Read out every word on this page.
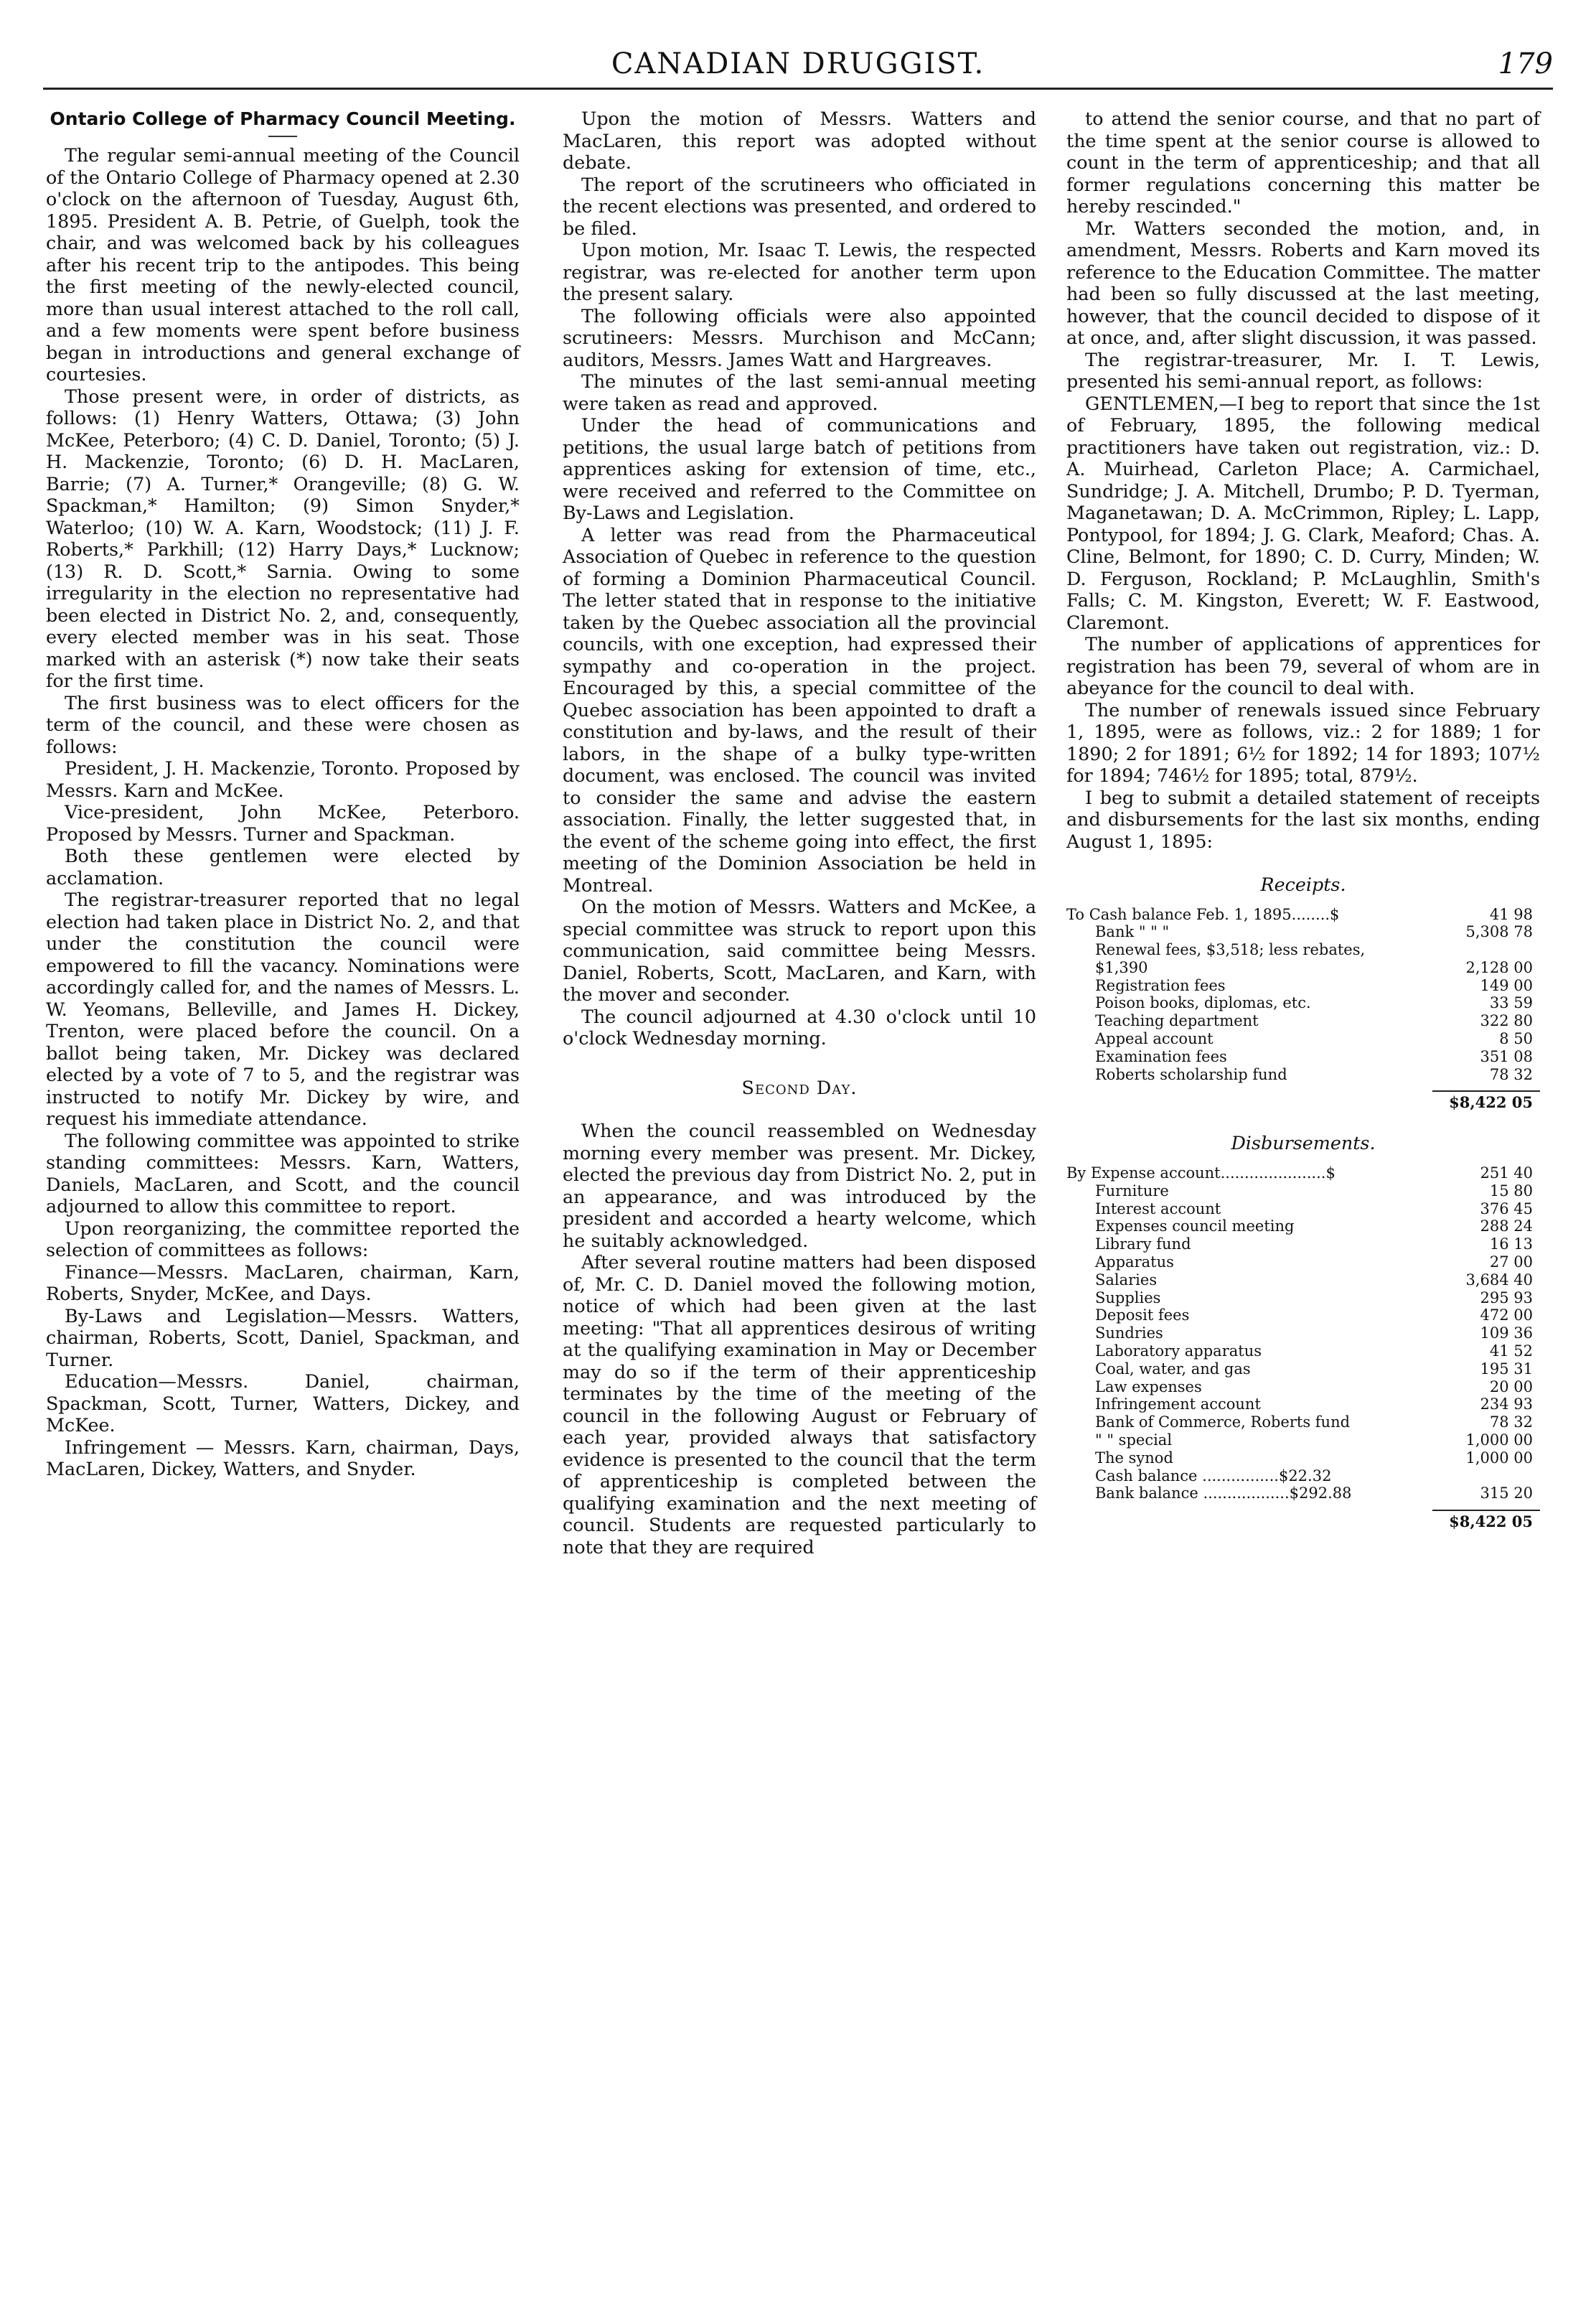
CANADIAN DRUGGIST.	179
Ontario College of Pharmacy Council Meeting.

The regular semi-annual meeting of the Council of the Ontario College of Pharmacy opened at 2.30 o'clock on the afternoon of Tuesday, August 6th, 1895. President A. B. Petrie, of Guelph, took the chair, and was welcomed back by his colleagues after his recent trip to the antipodes. This being the first meeting of the newly-elected council, more than usual interest attached to the roll call, and a few moments were spent before business began in introductions and general exchange of courtesies.

Those present were, in order of districts, as follows: (1) Henry Watters, Ottawa; (3) John McKee, Peterboro; (4) C. D. Daniel, Toronto; (5) J. H. Mackenzie, Toronto; (6) D. H. MacLaren, Barrie; (7) A. Turner,* Orangeville; (8) G. W. Spackman,* Hamilton; (9) Simon Snyder,* Waterloo; (10) W. A. Karn, Woodstock; (11) J. F. Roberts,* Parkhill; (12) Harry Days,* Lucknow; (13) R. D. Scott,* Sarnia. Owing to some irregularity in the election no representative had been elected in District No. 2, and, consequently, every elected member was in his seat. Those marked with an asterisk (*) now take their seats for the first time.

The first business was to elect officers for the term of the council, and these were chosen as follows:

President, J. H. Mackenzie, Toronto. Proposed by Messrs. Karn and McKee.

Vice-president, John McKee, Peterboro. Proposed by Messrs. Turner and Spackman.

Both these gentlemen were elected by acclamation.

The registrar-treasurer reported that no legal election had taken place in District No. 2, and that under the constitution the council were empowered to fill the vacancy. Nominations were accordingly called for, and the names of Messrs. L. W. Yeomans, Belleville, and James H. Dickey, Trenton, were placed before the council. On a ballot being taken, Mr. Dickey was declared elected by a vote of 7 to 5, and the registrar was instructed to notify Mr. Dickey by wire, and request his immediate attendance.

The following committee was appointed to strike standing committees: Messrs. Karn, Watters, Daniels, MacLaren, and Scott, and the council adjourned to allow this committee to report.

Upon reorganizing, the committee reported the selection of committees as follows:

Finance—Messrs. MacLaren, chairman, Karn, Roberts, Snyder, McKee, and Days.

By-Laws and Legislation—Messrs. Watters, chairman, Roberts, Scott, Daniel, Spackman, and Turner.

Education—Messrs. Daniel, chairman, Spackman, Scott, Turner, Watters, Dickey, and McKee.

Infringement — Messrs. Karn, chairman, Days, MacLaren, Dickey, Watters, and Snyder.

Upon the motion of Messrs. Watters and MacLaren, this report was adopted without debate.

The report of the scrutineers who officiated in the recent elections was presented, and ordered to be filed.

Upon motion, Mr. Isaac T. Lewis, the respected registrar, was re-elected for another term upon the present salary.

The following officials were also appointed scrutineers: Messrs. Murchison and McCann; auditors, Messrs. James Watt and Hargreaves.

The minutes of the last semi-annual meeting were taken as read and approved.

Under the head of communications and petitions, the usual large batch of petitions from apprentices asking for extension of time, etc., were received and referred to the Committee on By-Laws and Legislation.

A letter was read from the Pharmaceutical Association of Quebec in reference to the question of forming a Dominion Pharmaceutical Council. The letter stated that in response to the initiative taken by the Quebec association all the provincial councils, with one exception, had expressed their sympathy and co-operation in the project. Encouraged by this, a special committee of the Quebec association has been appointed to draft a constitution and by-laws, and the result of their labors, in the shape of a bulky type-written document, was enclosed. The council was invited to consider the same and advise the eastern association. Finally, the letter suggested that, in the event of the scheme going into effect, the first meeting of the Dominion Association be held in Montreal.

On the motion of Messrs. Watters and McKee, a special committee was struck to report upon this communication, said committee being Messrs. Daniel, Roberts, Scott, MacLaren, and Karn, with the mover and seconder.

The council adjourned at 4.30 o'clock until 10 o'clock Wednesday morning.

Second Day.

When the council reassembled on Wednesday morning every member was present. Mr. Dickey, elected the previous day from District No. 2, put in an appearance, and was introduced by the president and accorded a hearty welcome, which he suitably acknowledged.

After several routine matters had been disposed of, Mr. C. D. Daniel moved the following motion, notice of which had been given at the last meeting: "That all apprentices desirous of writing at the qualifying examination in May or December may do so if the term of their apprenticeship terminates by the time of the meeting of the council in the following August or February of each year, provided always that satisfactory evidence is presented to the council that the term of apprenticeship is completed between the qualifying examination and the next meeting of council. Students are requested particularly to note that they are required

to attend the senior course, and that no part of the time spent at the senior course is allowed to count in the term of apprenticeship; and that all former regulations concerning this matter be hereby rescinded."

Mr. Watters seconded the motion, and, in amendment, Messrs. Roberts and Karn moved its reference to the Education Committee. The matter had been so fully discussed at the last meeting, however, that the council decided to dispose of it at once, and, after slight discussion, it was passed.

The registrar-treasurer, Mr. I. T. Lewis, presented his semi-annual report, as follows:

GENTLEMEN,—I beg to report that since the 1st of February, 1895, the following medical practitioners have taken out registration, viz.: D. A. Muirhead, Carleton Place; A. Carmichael, Sundridge; J. A. Mitchell, Drumbo; P. D. Tyerman, Maganetawan; D. A. McCrimmon, Ripley; L. Lapp, Pontypool, for 1894; J. G. Clark, Meaford; Chas. A. Cline, Belmont, for 1890; C. D. Curry, Minden; W. D. Ferguson, Rockland; P. McLaughlin, Smith's Falls; C. M. Kingston, Everett; W. F. Eastwood, Claremont.

The number of applications of apprentices for registration has been 79, several of whom are in abeyance for the council to deal with.

The number of renewals issued since February 1, 1895, were as follows, viz.: 2 for 1889; 1 for 1890; 2 for 1891; 6½ for 1892; 14 for 1893; 107½ for 1894; 746½ for 1895; total, 879½.

I beg to submit a detailed statement of receipts and disbursements for the last six months, ending August 1, 1895:

Receipts.
To Cash balance Feb. 1, 1895........$	41 98
Bank " " "	5,308 78
Renewal fees, $3,518; less rebates,
$1,390	2,128 00
Registration fees	149 00
Poison books, diplomas, etc.	33 59
Teaching department	322 80
Appeal account	8 50
Examination fees	351 08
Roberts scholarship fund	78 32
$8,422 05
Disbursements.
By Expense account......................$	251 40
Furniture	15 80
Interest account	376 45
Expenses council meeting	288 24
Library fund	16 13
Apparatus	27 00
Salaries	3,684 40
Supplies	295 93
Deposit fees	472 00
Sundries	109 36
Laboratory apparatus	41 52
Coal, water, and gas	195 31
Law expenses	20 00
Infringement account	234 93
Bank of Commerce, Roberts fund	78 32
" " special	1,000 00
The synod	1,000 00
Cash balance ................$22.32
Bank balance ..................$292.88	315 20
$8,422 05
